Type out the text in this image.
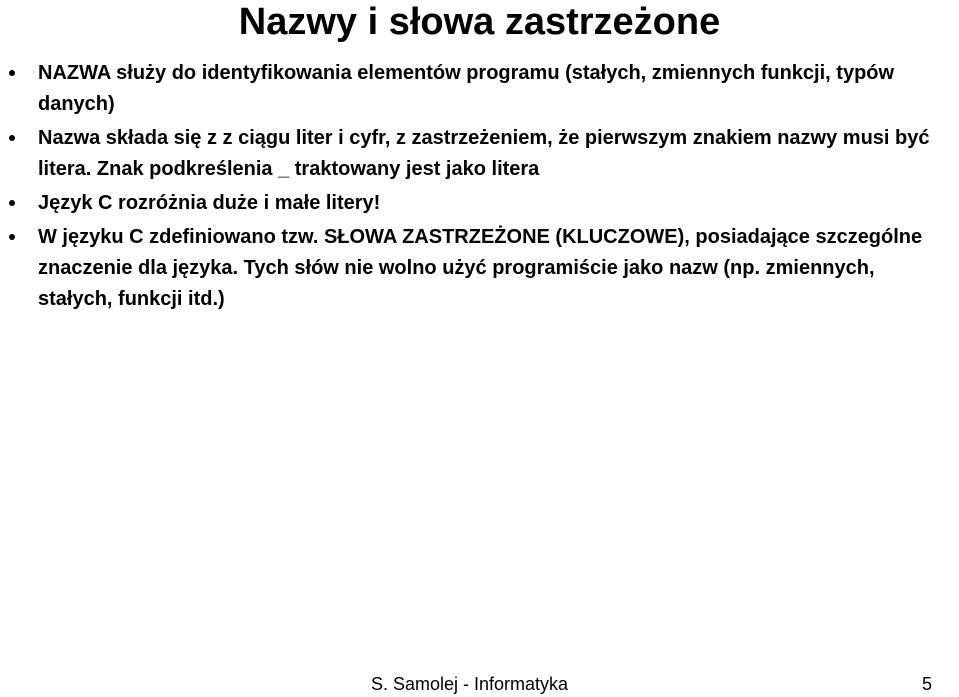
Nazwy i słowa zastrzeżone
NAZWA służy do identyfikowania elementów programu (stałych, zmiennych funkcji, typów danych)
Nazwa składa się z z ciągu liter i cyfr, z zastrzeżeniem, że pierwszym znakiem nazwy musi być litera. Znak podkreślenia _ traktowany jest jako litera
Język C rozróżnia duże i małe litery!
W języku C zdefiniowano tzw. SŁOWA ZASTRZEŻONE (KLUCZOWE), posiadające szczególne znaczenie dla języka. Tych słów nie wolno użyć programiście jako nazw (np. zmiennych, stałych, funkcji itd.)
S. Samolej - Informatyka	5
